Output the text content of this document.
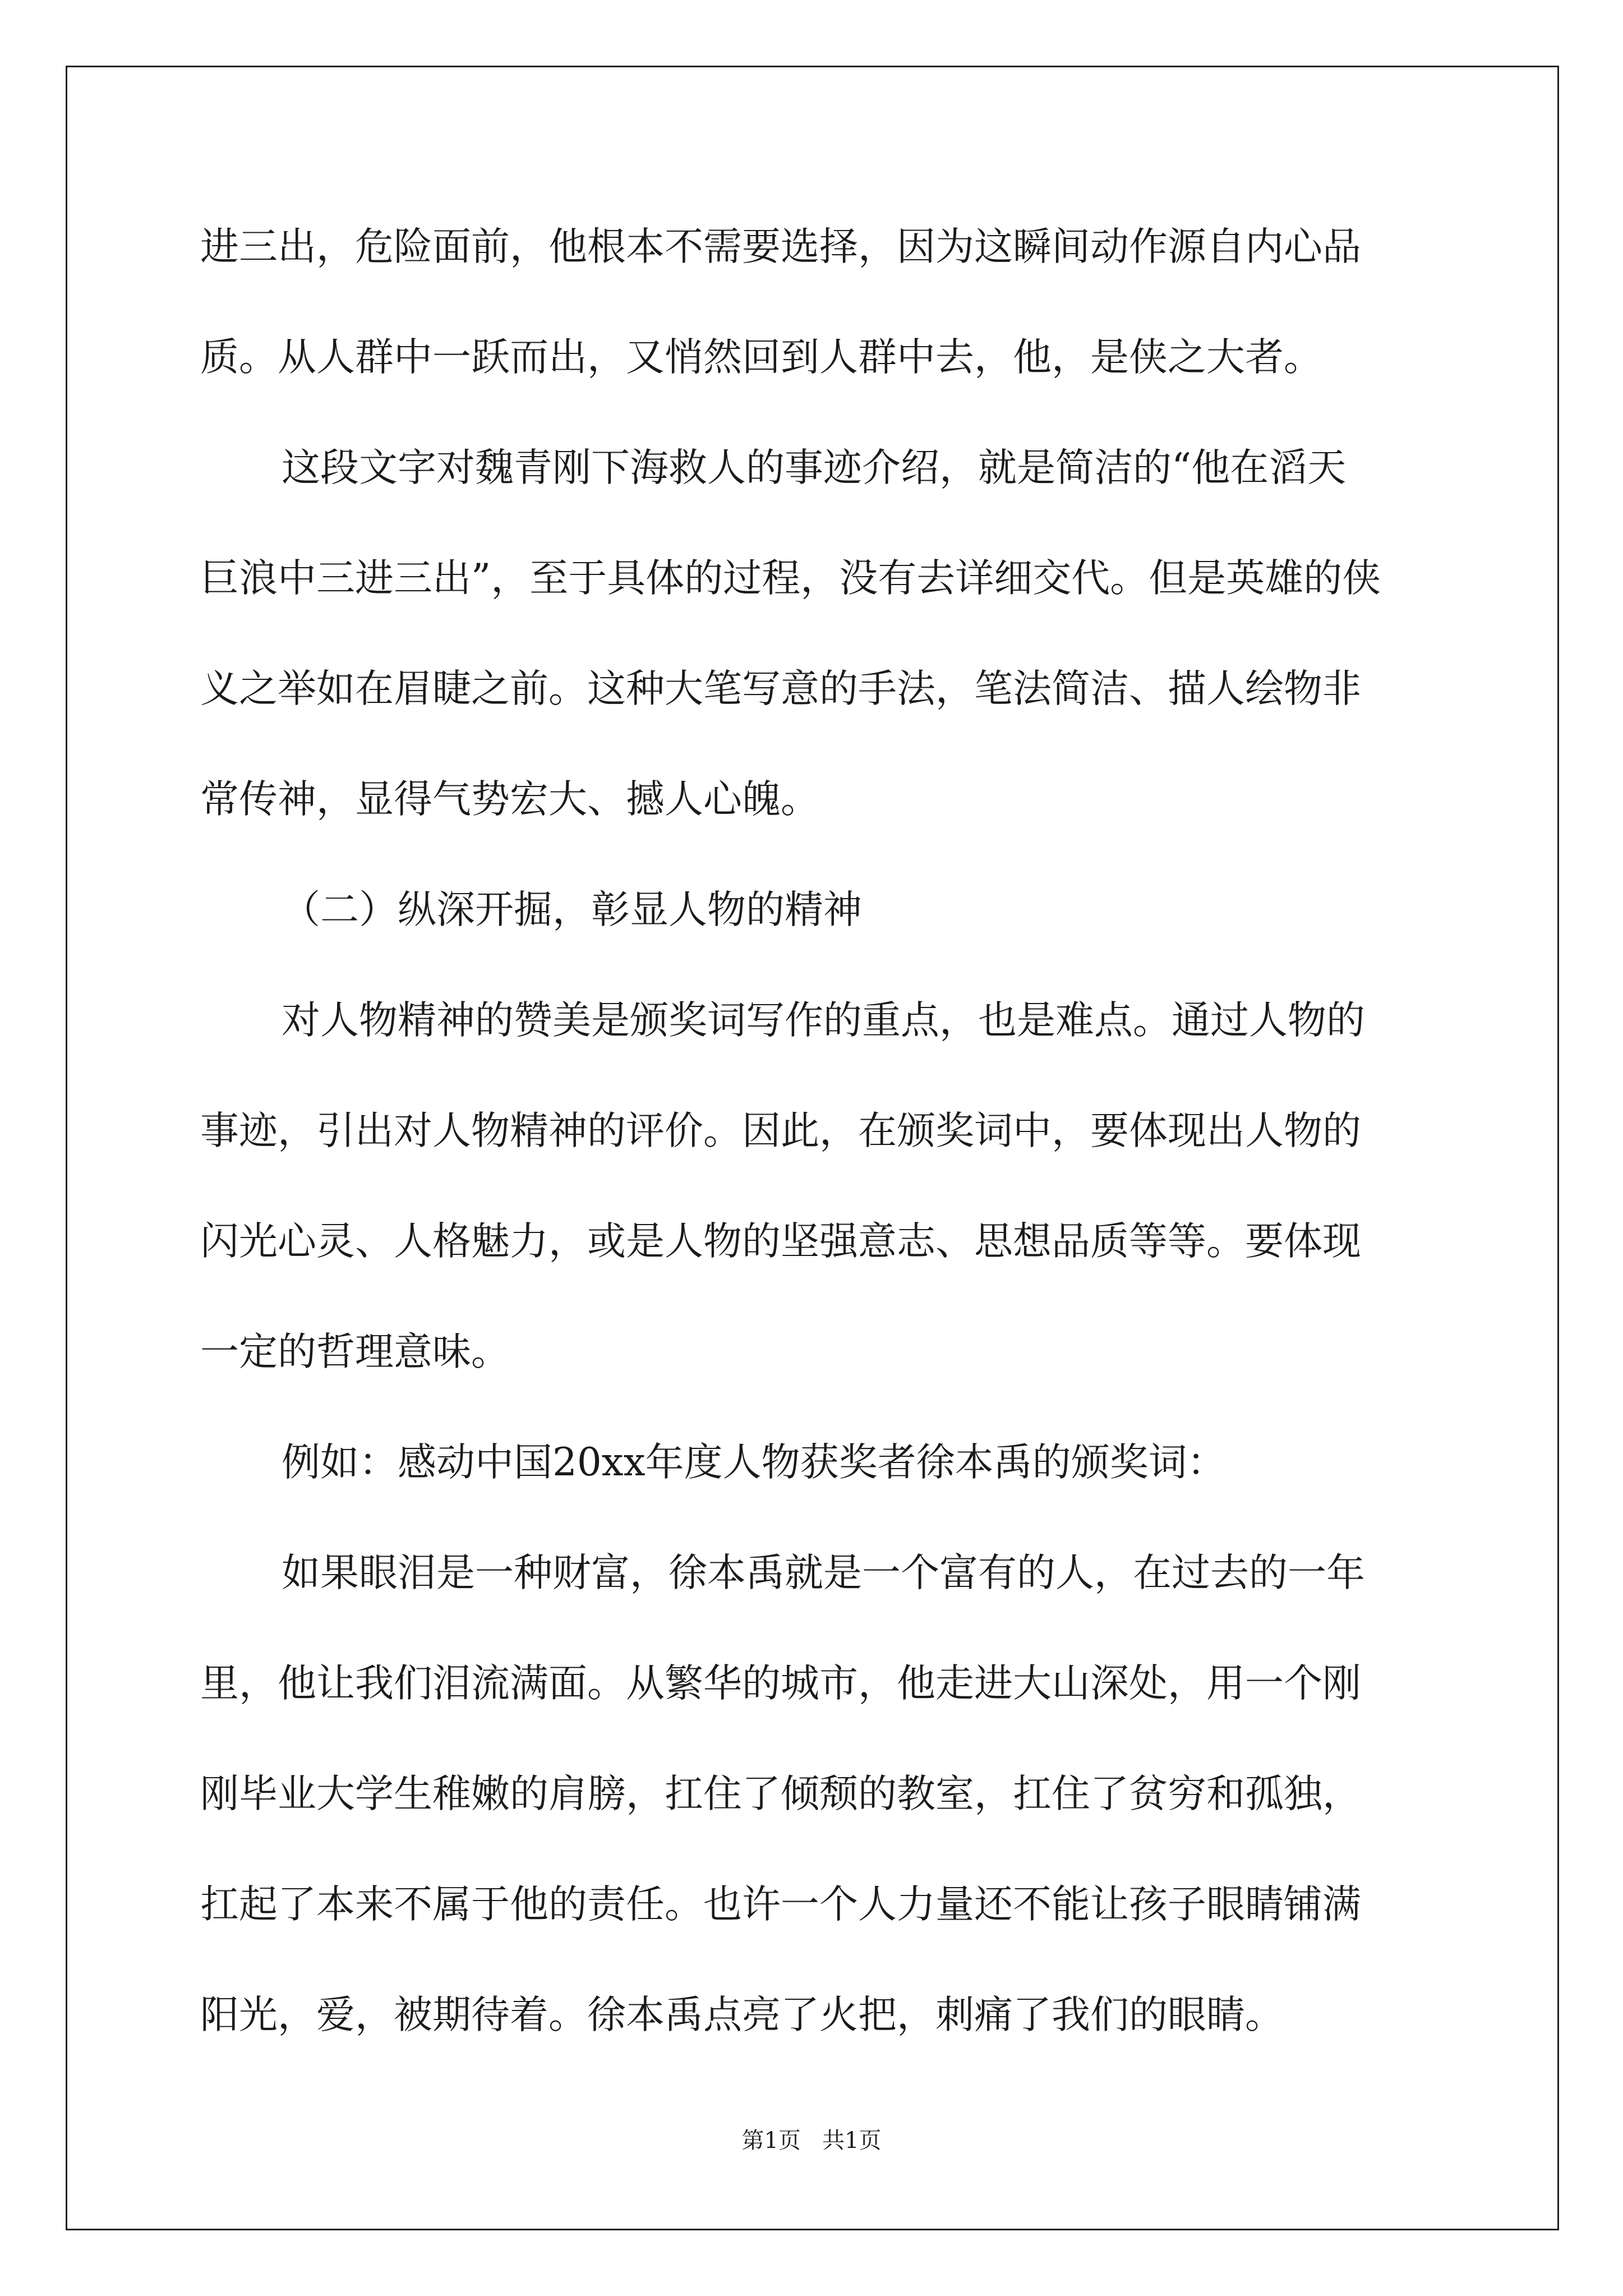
进三出，危险面前，他根本不需要选择，因为这瞬间动作源自内心品
质。从人群中一跃而出，又悄然回到人群中去，他，是侠之大者。
这段文字对魏青刚下海救人的事迹介绍，就是简洁的“他在滔天
巨浪中三进三出”，至于具体的过程，没有去详细交代。但是英雄的侠
义之举如在眉睫之前。这种大笔写意的手法，笔法简洁、描人绘物非
常传神，显得气势宏大、撼人心魄。
（二）纵深开掘，彰显人物的精神
对人物精神的赞美是颁奖词写作的重点，也是难点。通过人物的
事迹，引出对人物精神的评价。因此，在颁奖词中，要体现出人物的
闪光心灵、人格魅力，或是人物的坚强意志、思想品质等等。要体现
一定的哲理意味。
例如：感动中国20xx年度人物获奖者徐本禹的颁奖词：
如果眼泪是一种财富，徐本禹就是一个富有的人，在过去的一年
里，他让我们泪流满面。从繁华的城市，他走进大山深处，用一个刚
刚毕业大学生稚嫩的肩膀，扛住了倾颓的教室，扛住了贫穷和孤独，
扛起了本来不属于他的责任。也许一个人力量还不能让孩子眼睛铺满
阳光，爱，被期待着。徐本禹点亮了火把，刺痛了我们的眼睛。
第1页   共1页
